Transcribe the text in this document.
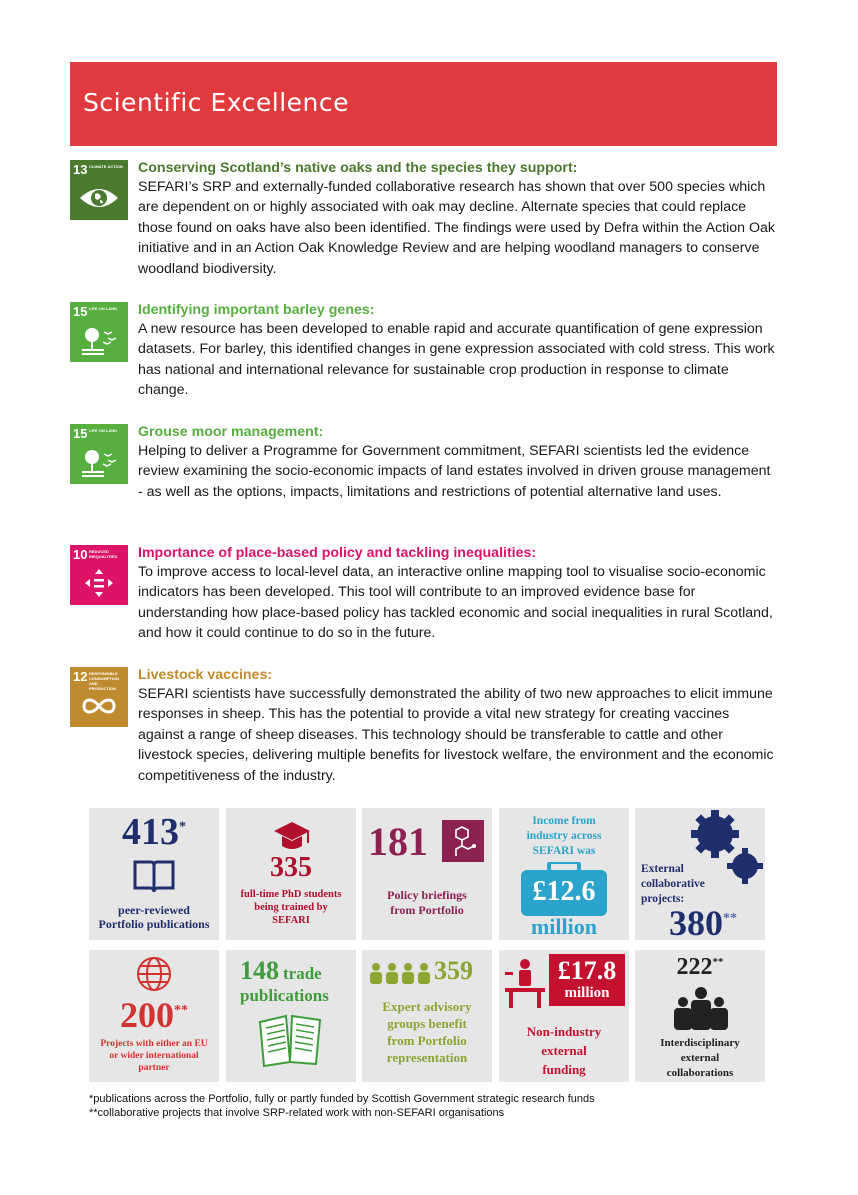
Scientific Excellence
13 CLIMATE ACTION Conserving Scotland’s native oaks and the species they support:
SEFARI’s SRP and externally-funded collaborative research has shown that over 500 species which are dependent on or highly associated with oak may decline. Alternate species that could replace those found on oaks have also been identified. The findings were used by Defra within the Action Oak initiative and in an Action Oak Knowledge Review and are helping woodland managers to conserve woodland biodiversity.
15 LIFE ON LAND	Identifying important barley genes:
A new resource has been developed to enable rapid and accurate quantification of gene expression datasets. For barley, this identified changes in gene expression associated with cold stress. This work has national and international relevance for sustainable crop production in response to climate change.
15 LIFE ON LAND	Grouse moor management:
Helping to deliver a Programme for Government commitment, SEFARI scientists led the evidence review examining the socio-economic impacts of land estates involved in driven grouse management - as well as the options, impacts, limitations and restrictions of potential alternative land uses.
10 REDUCED INEQUALITIES	Importance of place-based policy and tackling inequalities:
To improve access to local-level data, an interactive online mapping tool to visualise socio-economic indicators has been developed. This tool will contribute to an improved evidence base for understanding how place-based policy has tackled economic and social inequalities in rural Scotland, and how it could continue to do so in the future.
12 RESPONSIBLE CONSUMPTION AND PRODUCTION
Livestock vaccines:
SEFARI scientists have successfully demonstrated the ability of two new approaches to elicit immune responses in sheep. This has the potential to provide a vital new strategy for creating vaccines against a range of sheep diseases. This technology should be transferable to cattle and other livestock species, delivering multiple benefits for livestock welfare, the environment and the economic competitiveness of the industry.
413*
peer-reviewed
Portfolio publications
335
full-time PhD students
being trained by
SEFARI
181
Policy briefings
from Portfolio
Income from
industry across
SEFARI was
£12.6
million
External
collaborative
projects:
380**
200**
Projects with either an EU
or wider international
partner
148 trade
publications
359
Expert advisory
groups benefit
from Portfolio
representation
£17.8
million
Non-industry
external
funding
222**
Interdisciplinary
external
collaborations
*publications across the Portfolio, fully or partly funded by Scottish Government strategic research funds
**collaborative projects that involve SRP-related work with non-SEFARI organisations
